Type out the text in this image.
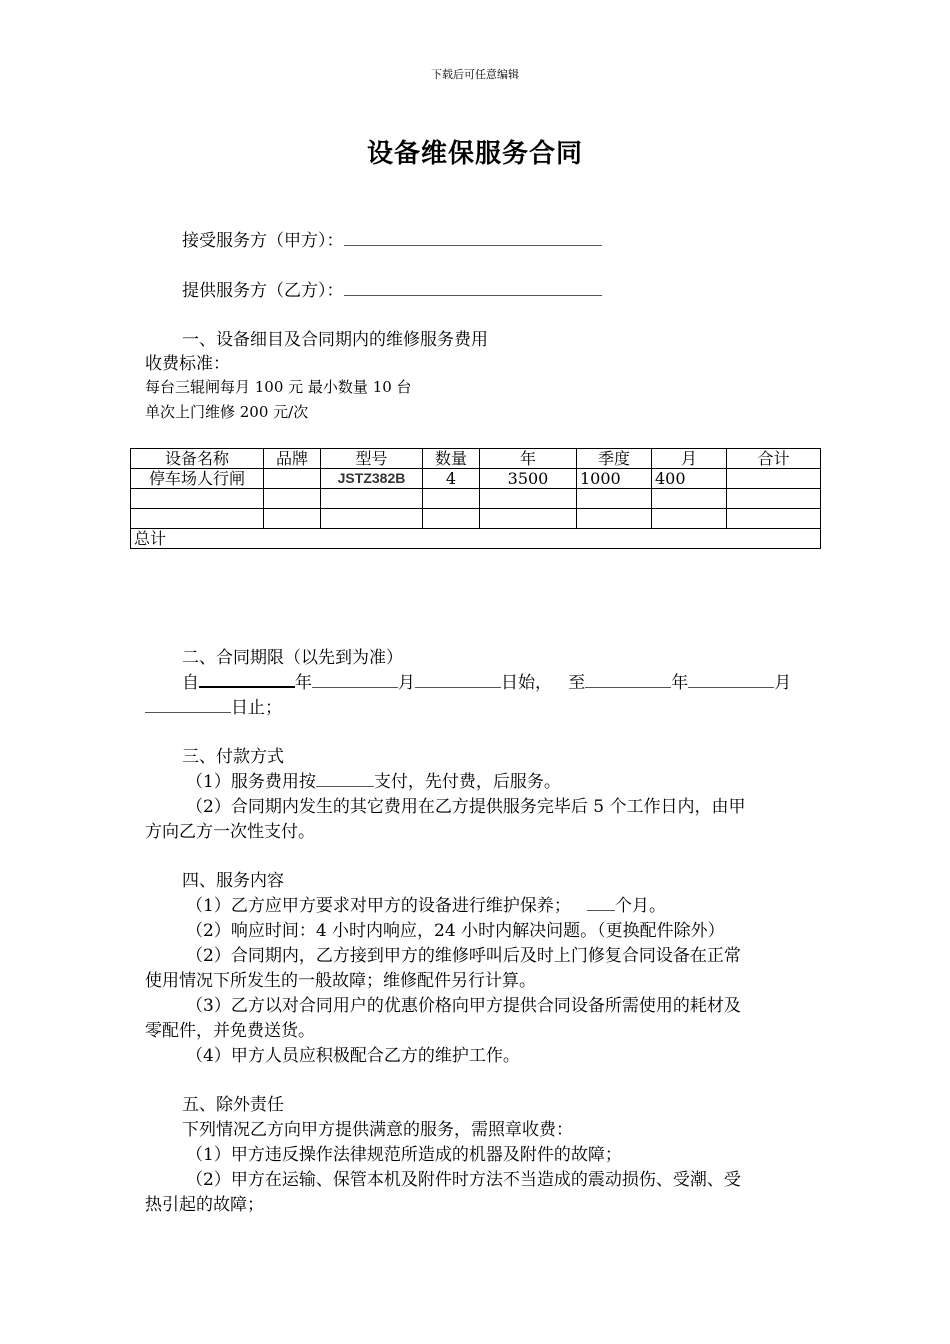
下载后可任意编辑
设备维保服务合同
接受服务方（甲方）：
提供服务方（乙方）：
一、设备细目及合同期内的维修服务费用
收费标准：
每台三辊闸每月 100 元 最小数量 10 台
单次上门维修 200 元/次
设备名称	品牌	型号	数量	年	季度	月	合计
停车场人行闸		JSTZ382B	4	3500	1000	400	

总计							
二、合同期限（以先到为准）
自	年	月	日始， 至	年	月
日止；
三、付款方式
（1）服务费用按	支付，先付费，后服务。
（2）合同期内发生的其它费用在乙方提供服务完毕后 5 个工作日内，由甲
方向乙方一次性支付。
四、服务内容
（1）乙方应甲方要求对甲方的设备进行维护保养；	个月。
（2）响应时间：4 小时内响应，24 小时内解决问题。（更换配件除外）
（2）合同期内，乙方接到甲方的维修呼叫后及时上门修复合同设备在正常
使用情况下所发生的一般故障；维修配件另行计算。
（3）乙方以对合同用户的优惠价格向甲方提供合同设备所需使用的耗材及
零配件，并免费送货。
（4）甲方人员应积极配合乙方的维护工作。
五、除外责任
下列情况乙方向甲方提供满意的服务，需照章收费：
（1）甲方违反操作法律规范所造成的机器及附件的故障；
（2）甲方在运输、保管本机及附件时方法不当造成的震动损伤、受潮、受
热引起的故障；
